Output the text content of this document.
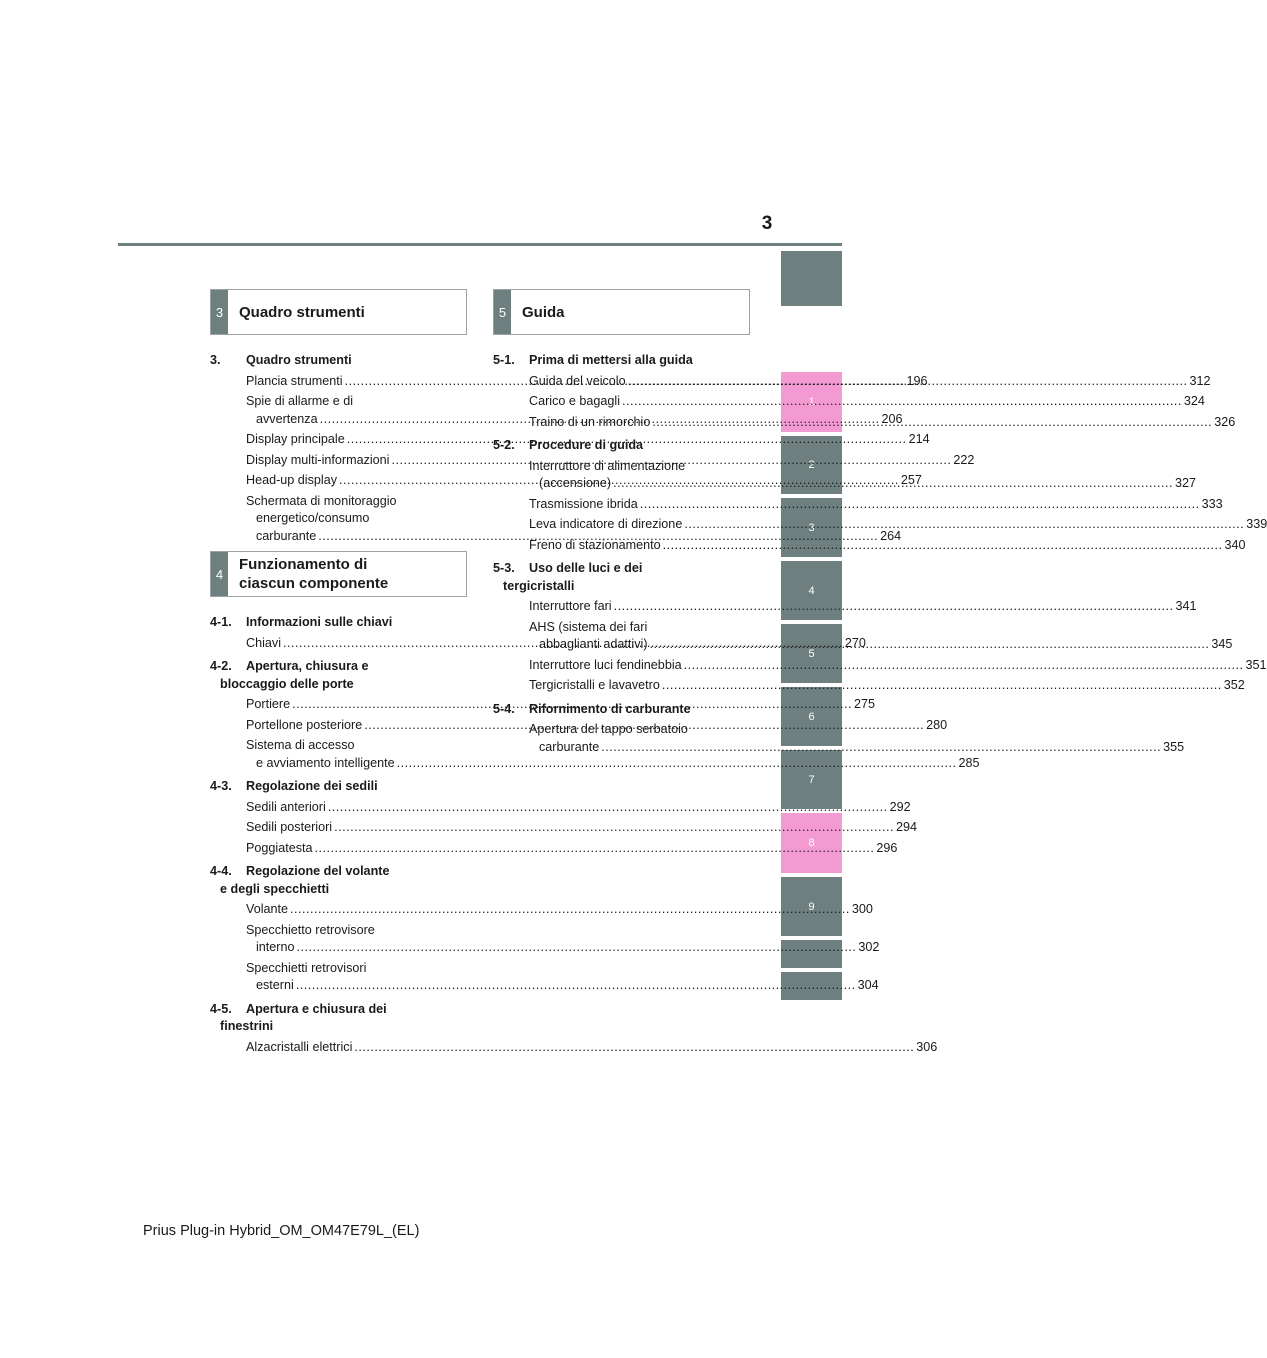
3
1
2
3
4
5
6
7
8
9
3	Quadro strumenti
3. Quadro strumenti
Plancia strumenti .....	196
Spie di allarme e di
avvertenza .....	206
Display principale .....	214
Display multi-informazioni .....	222
Head-up display .....	257
Schermata di monitoraggio
energetico/consumo
carburante .....	264
4
Funzionamento di
ciascun componente
4-1. Informazioni sulle chiavi
Chiavi .....	270
4-2. Apertura, chiusura e
bloccaggio delle porte
Portiere .....	275
Portellone posteriore .....	280
Sistema di accesso
e avviamento intelligente .....	285
4-3. Regolazione dei sedili
Sedili anteriori .....	292
Sedili posteriori .....	294
Poggiatesta .....	296
4-4. Regolazione del volante
e degli specchietti
Volante .....	300
Specchietto retrovisore
interno .....	302
Specchietti retrovisori
esterni .....	304
4-5. Apertura e chiusura dei
finestrini
Alzacristalli elettrici .....	306
5	Guida
5-1. Prima di mettersi alla guida
Guida del veicolo .....	312
Carico e bagagli .....	324
Traino di un rimorchio .....	326
5-2. Procedure di guida
Interruttore di alimentazione
(accensione) .....	327
Trasmissione ibrida .....	333
Leva indicatore di direzione .....	339
Freno di stazionamento .....	340
5-3. Uso delle luci e dei
tergicristalli
Interruttore fari .....	341
AHS (sistema dei fari
abbaglianti adattivi) .....	345
Interruttore luci fendinebbia .....	351
Tergicristalli e lavavetro .....	352
5-4. Rifornimento di carburante
Apertura del tappo serbatoio
carburante .....	355
Prius Plug-in Hybrid_OM_OM47E79L_(EL)
